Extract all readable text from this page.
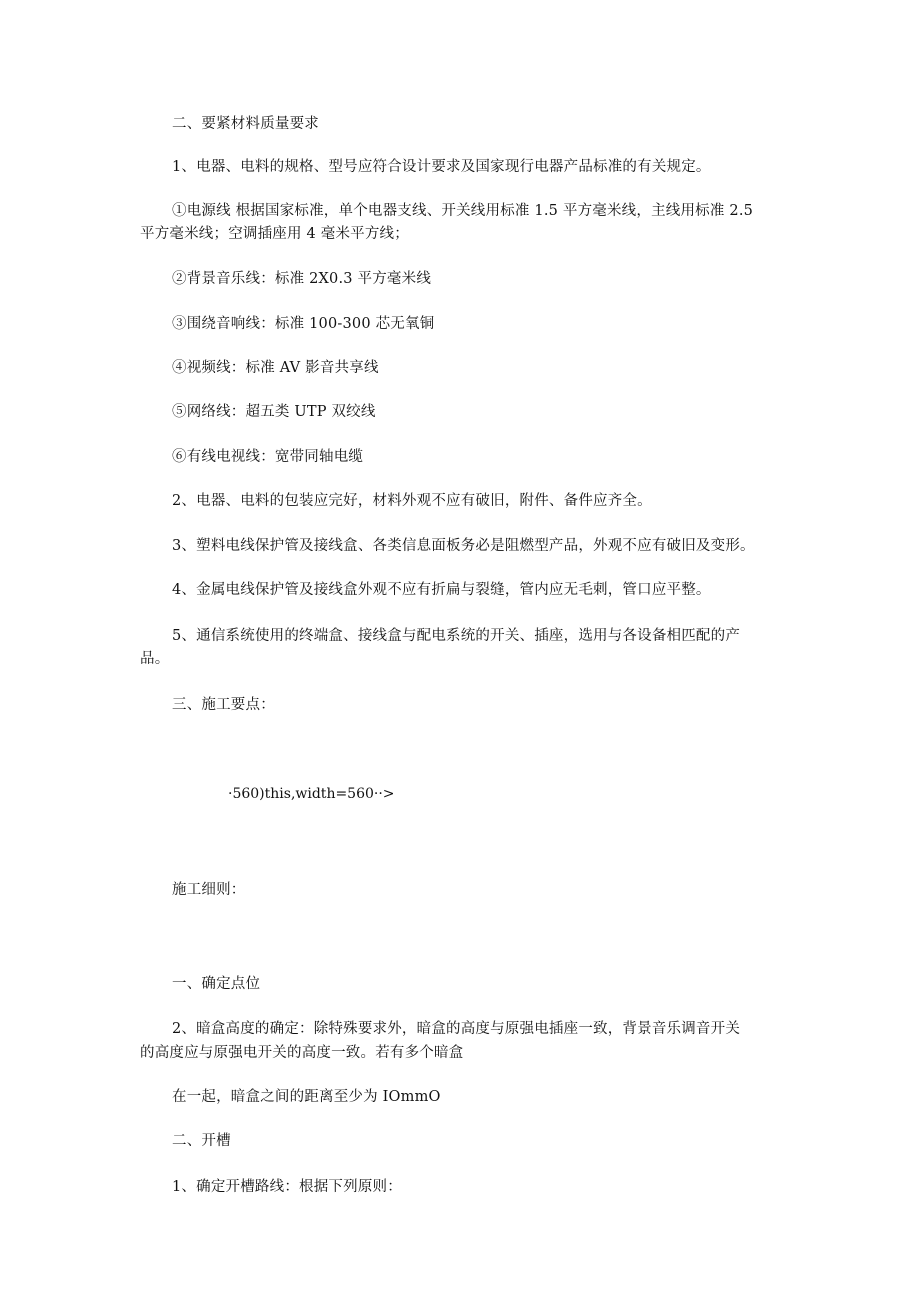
二、要紧材料质量要求
1、电器、电料的规格、型号应符合设计要求及国家现行电器产品标准的有关规定。
①电源线 根据国家标准，单个电器支线、开关线用标准 1.5 平方毫米线，主线用标准 2.5
平方毫米线；空调插座用 4 毫米平方线；
②背景音乐线：标准 2X0.3 平方毫米线
③围绕音响线：标准 100-300 芯无氧铜
④视频线：标准 AV 影音共享线
⑤网络线：超五类 UTP 双绞线
⑥有线电视线：宽带同轴电缆
2、电器、电料的包装应完好，材料外观不应有破旧，附件、备件应齐全。
3、塑料电线保护管及接线盒、各类信息面板务必是阻燃型产品，外观不应有破旧及变形。
4、金属电线保护管及接线盒外观不应有折扁与裂缝，管内应无毛刺，管口应平整。
5、通信系统使用的终端盒、接线盒与配电系统的开关、插座，选用与各设备相匹配的产
品。
三、施工要点：
·560)this,width=560··>
施工细则：
一、确定点位
2、暗盒高度的确定：除特殊要求外，暗盒的高度与原强电插座一致，背景音乐调音开关
的高度应与原强电开关的高度一致。若有多个暗盒
在一起，暗盒之间的距离至少为 IOmmO
二、开槽
1、确定开槽路线：根据下列原则：
